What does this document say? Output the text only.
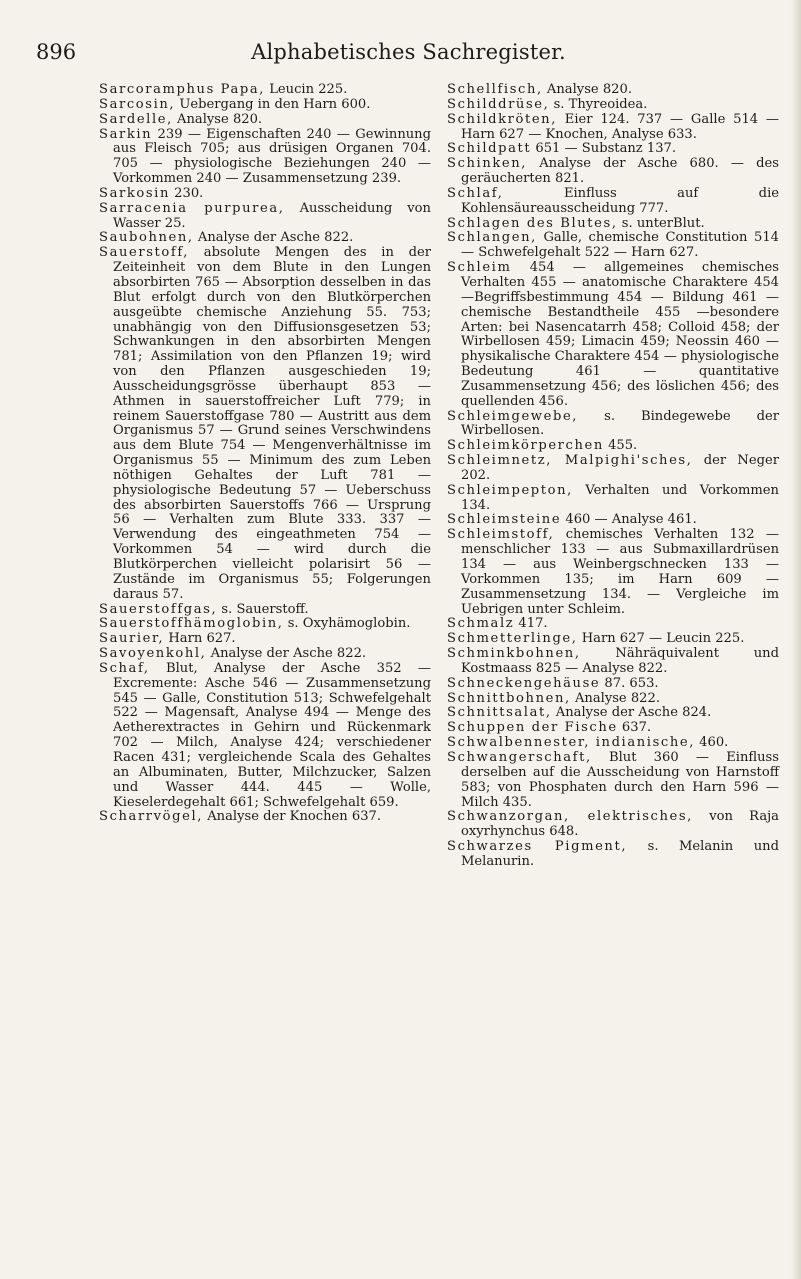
896	Alphabetisches Sachregister.

Sarcoramphus Papa, Leucin 225.

Sarcosin, Uebergang in den Harn 600.

Sardelle, Analyse 820.

Sarkin 239 — Eigenschaften 240 — Gewinnung aus Fleisch 705; aus drüsigen Organen 704. 705 — physiologische Beziehungen 240 — Vorkommen 240 — Zusammensetzung 239.

Sarkosin 230.

Sarracenia purpurea, Ausscheidung von Wasser 25.

Saubohnen, Analyse der Asche 822.

Sauerstoff, absolute Mengen des in der Zeiteinheit von dem Blute in den Lungen absorbirten 765 — Absorption desselben in das Blut erfolgt durch von den Blutkörperchen ausgeübte chemische Anziehung 55. 753; unabhängig von den Diffusionsgesetzen 53; Schwankungen in den absorbirten Mengen 781; Assimilation von den Pflanzen 19; wird von den Pflanzen ausgeschieden 19; Ausscheidungsgrösse überhaupt 853 — Athmen in sauerstoffreicher Luft 779; in reinem Sauerstoffgase 780 — Austritt aus dem Organismus 57 — Grund seines Verschwindens aus dem Blute 754 — Mengenverhältnisse im Organismus 55 — Minimum des zum Leben nöthigen Gehaltes der Luft 781 — physiologische Bedeutung 57 — Ueberschuss des absorbirten Sauerstoffs 766 — Ursprung 56 — Verhalten zum Blute 333. 337 — Verwendung des eingeathmeten 754 — Vorkommen 54 — wird durch die Blutkörperchen vielleicht polarisirt 56 — Zustände im Organismus 55; Folgerungen daraus 57.

Sauerstoffgas, s. Sauerstoff.

Sauerstoffhämoglobin, s. Oxyhämoglobin.

Saurier, Harn 627.

Savoyenkohl, Analyse der Asche 822.

Schaf, Blut, Analyse der Asche 352 — Excremente: Asche 546 — Zusammensetzung 545 — Galle, Constitution 513; Schwefelgehalt 522 — Magensaft, Analyse 494 — Menge des Aetherextractes in Gehirn und Rückenmark 702 — Milch, Analyse 424; verschiedener Racen 431; vergleichende Scala des Gehaltes an Albuminaten, Butter, Milchzucker, Salzen und Wasser 444. 445 — Wolle, Kieselerdegehalt 661; Schwefelgehalt 659.

Scharrvögel, Analyse der Knochen 637.

Schellfisch, Analyse 820.

Schilddrüse, s. Thyreoidea.

Schildkröten, Eier 124. 737 — Galle 514 — Harn 627 — Knochen, Analyse 633.

Schildpatt 651 — Substanz 137.

Schinken, Analyse der Asche 680. — des geräucherten 821.

Schlaf,	Einfluss auf die Kohlensäureausscheidung 777.

Schlagen des Blutes, s. unterBlut.

Schlangen, Galle, chemische Constitution 514 — Schwefelgehalt 522 — Harn 627.

Schleim 454 — allgemeines chemisches Verhalten 455 — anatomische Charaktere 454 —Begriffsbestimmung 454 — Bildung 461 — chemische Bestandtheile 455 —besondere Arten: bei Nasencatarrh 458; Colloid 458; der Wirbellosen 459; Limacin 459; Neossin 460 —physikalische Charaktere 454 — physiologische Bedeutung 461 — quantitative Zusammensetzung 456; des löslichen 456; des quellenden 456.

Schleimgewebe, s. Bindegewebe der Wirbellosen.

Schleimkörperchen 455.

Schleimnetz, Malpighi'sches, der Neger 202.

Schleimpepton, Verhalten und Vorkommen 134.

Schleimsteine 460 — Analyse 461.

Schleimstoff, chemisches Verhalten 132 — menschlicher 133 — aus Submaxillardrüsen 134 — aus Weinbergschnecken 133 — Vorkommen 135; im Harn 609 — Zusammensetzung 134. — Vergleiche im Uebrigen unter Schleim.

Schmalz 417.

Schmetterlinge, Harn 627 — Leucin 225.

Schminkbohnen,	Nähräquivalent und Kostmaass 825 — Analyse 822.

Schneckengehäuse 87. 653.

Schnittbohnen, Analyse 822.

Schnittsalat, Analyse der Asche 824.

Schuppen der Fische 637.

Schwalbennester, indianische, 460.

Schwangerschaft, Blut 360 — Einfluss derselben auf die Ausscheidung von Harnstoff 583; von Phosphaten durch den Harn 596 —Milch 435.

Schwanzorgan, elektrisches, von Raja oxyrhynchus 648.

Schwarzes Pigment, s. Melanin und Melanurin.
